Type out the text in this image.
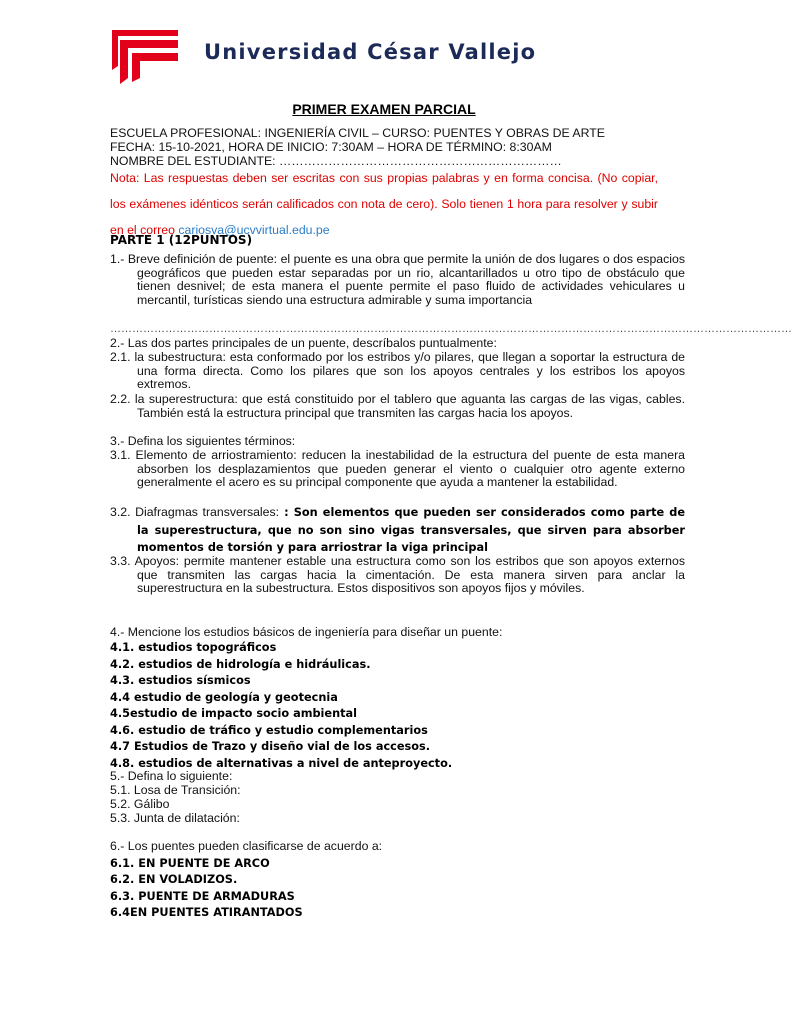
Universidad César Vallejo
PRIMER EXAMEN PARCIAL
ESCUELA PROFESIONAL: INGENIERÍA CIVIL – CURSO: PUENTES Y OBRAS DE ARTE
FECHA: 15-10-2021, HORA DE INICIO: 7:30AM – HORA DE TÉRMINO: 8:30AM
NOMBRE DEL ESTUDIANTE: ……………………………………………………………
Nota: Las respuestas deben ser escritas con sus propias palabras y en forma concisa. (No copiar, los exámenes idénticos serán calificados con nota de cero). Solo tienen 1 hora para resolver y subir en el correo cariosva@ucvvirtual.edu.pe
PARTE 1 (12PUNTOS)
1.- Breve definición de puente: el puente es una obra que permite la unión de dos lugares o dos espacios geográficos que pueden estar separadas por un rio, alcantarillados u otro tipo de obstáculo que tienen desnivel; de esta manera el puente permite el paso fluido de actividades vehiculares u mercantil, turísticas siendo una estructura admirable y suma importancia
……………………………………………………………………………………………………………………………………………………………………
2.- Las dos partes principales de un puente, descríbalos puntualmente:
2.1. la subestructura: esta conformado por los estribos y/o pilares, que llegan a soportar la estructura de una forma directa. Como los pilares que son los apoyos centrales y los estribos los apoyos extremos.
2.2. la superestructura: que está constituido por el tablero que aguanta las cargas de las vigas, cables. También está la estructura principal que transmiten las cargas hacia los apoyos.
3.- Defina los siguientes términos:
3.1. Elemento de arriostramiento: reducen la inestabilidad de la estructura del puente de esta manera absorben los desplazamientos que pueden generar el viento o cualquier otro agente externo generalmente el acero es su principal componente que ayuda a mantener la estabilidad.
3.2. Diafragmas transversales: : Son elementos que pueden ser considerados como parte de la superestructura, que no son sino vigas transversales, que sirven para absorber momentos de torsión y para arriostrar la viga principal
3.3. Apoyos: permite mantener estable una estructura como son los estribos que son apoyos externos que transmiten las cargas hacia la cimentación. De esta manera sirven para anclar la superestructura en la subestructura. Estos dispositivos son apoyos fijos y móviles.
4.- Mencione los estudios básicos de ingeniería para diseñar un puente:
4.1. estudios topográficos
4.2. estudios de hidrología e hidráulicas.
4.3. estudios sísmicos
4.4 estudio de geología y geotecnia
4.5estudio de impacto socio ambiental
4.6. estudio de tráfico y estudio complementarios
4.7 Estudios de Trazo y diseño vial de los accesos.
4.8. estudios de alternativas a nivel de anteproyecto.
5.- Defina lo siguiente:
5.1. Losa de Transición:
5.2. Gálibo
5.3. Junta de dilatación:
6.- Los puentes pueden clasificarse de acuerdo a:
6.1. EN PUENTE DE ARCO
6.2. EN VOLADIZOS.
6.3. PUENTE DE ARMADURAS
6.4EN PUENTES ATIRANTADOS
